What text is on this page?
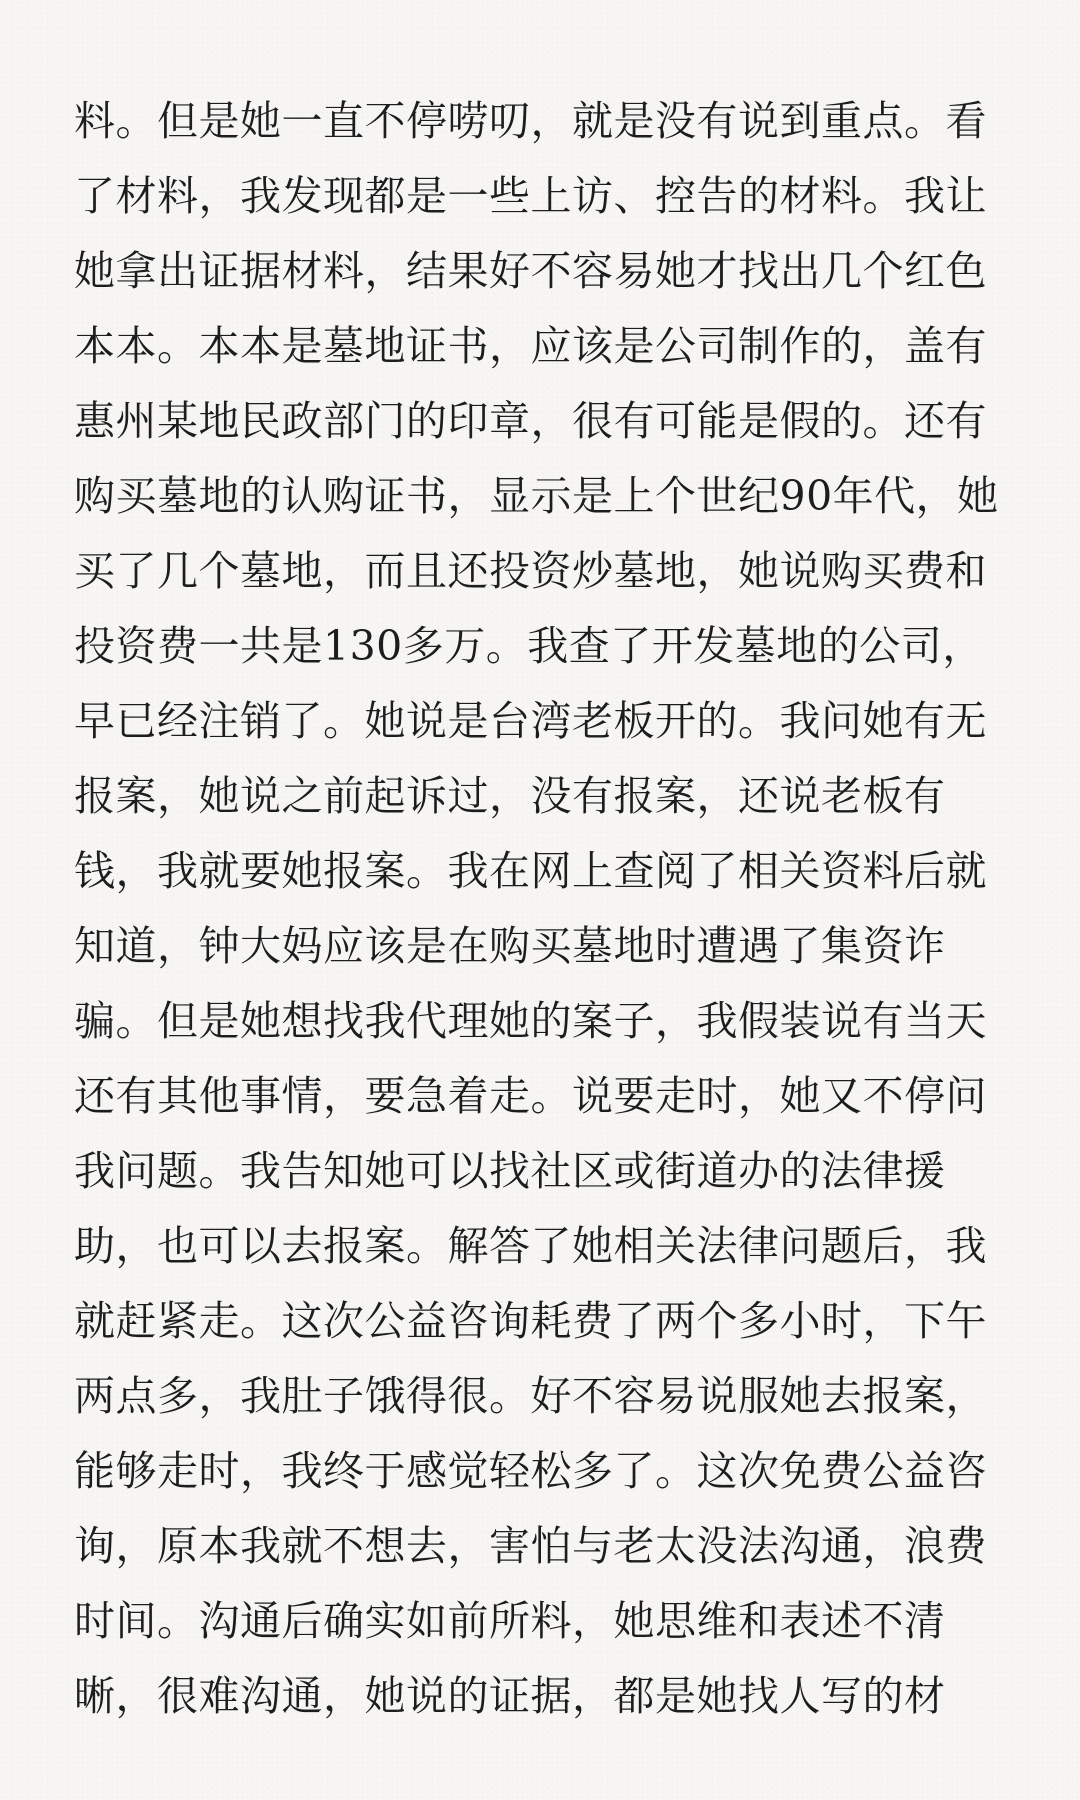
料。但是她一直不停唠叨，就是没有说到重点。看
了材料，我发现都是一些上访、控告的材料。我让
她拿出证据材料，结果好不容易她才找出几个红色
本本。本本是墓地证书，应该是公司制作的，盖有
惠州某地民政部门的印章，很有可能是假的。还有
购买墓地的认购证书，显示是上个世纪90年代，她
买了几个墓地，而且还投资炒墓地，她说购买费和
投资费一共是130多万。我查了开发墓地的公司，
早已经注销了。她说是台湾老板开的。我问她有无
报案，她说之前起诉过，没有报案，还说老板有
钱，我就要她报案。我在网上查阅了相关资料后就
知道，钟大妈应该是在购买墓地时遭遇了集资诈
骗。但是她想找我代理她的案子，我假装说有当天
还有其他事情，要急着走。说要走时，她又不停问
我问题。我告知她可以找社区或街道办的法律援
助，也可以去报案。解答了她相关法律问题后，我
就赶紧走。这次公益咨询耗费了两个多小时，下午
两点多，我肚子饿得很。好不容易说服她去报案，
能够走时，我终于感觉轻松多了。这次免费公益咨
询，原本我就不想去，害怕与老太没法沟通，浪费
时间。沟通后确实如前所料，她思维和表述不清
晰，很难沟通，她说的证据，都是她找人写的材
